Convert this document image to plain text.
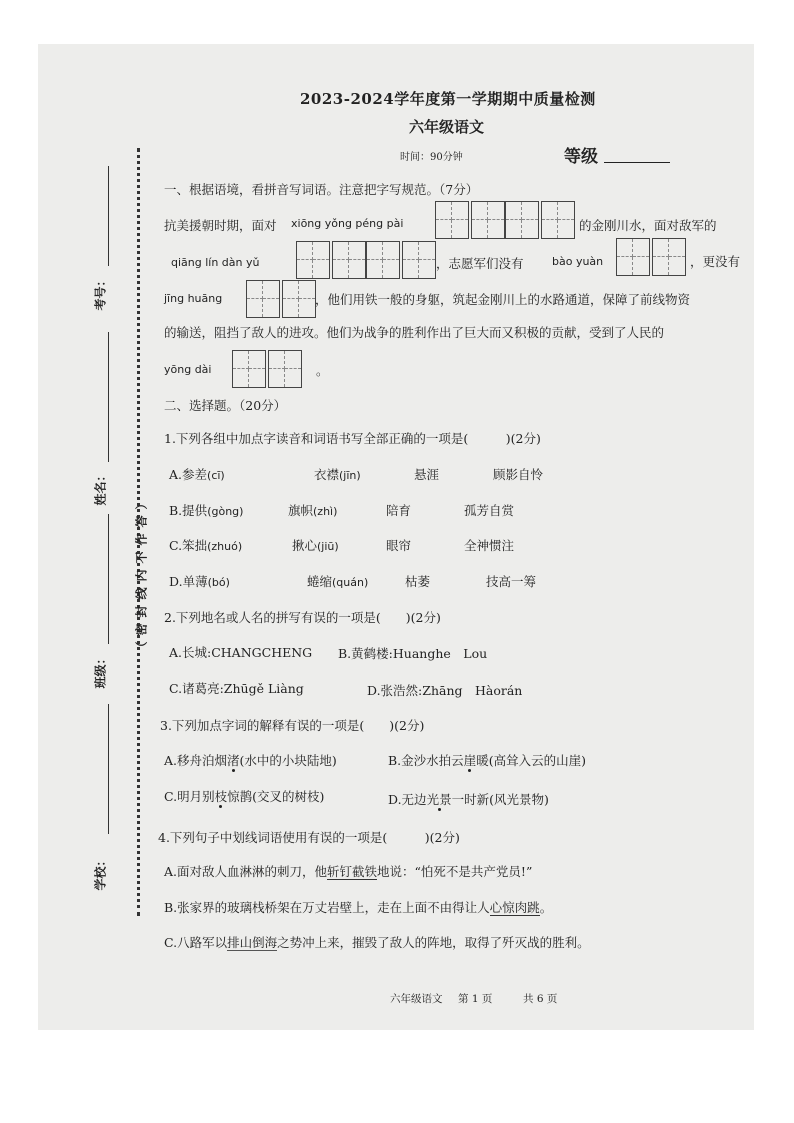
2023-2024学年度第一学期期中质量检测
六年级语文
时间：90分钟	等级
考号：
姓名：
班级：
学校：
（密封线内不作答）
一、根据语境，看拼音写词语。注意把字写规范。（7分）
抗美援朝时期，面对 xiōng yǒng péng pài	的金刚川水，面对敌军的
qiāng lín dàn yǔ	，志愿军们没有	bào yuàn	，更没有
jīng huāng	，他们用铁一般的身躯，筑起金刚川上的水路通道，保障了前线物资
的输送，阻挡了敌人的进攻。他们为战争的胜利作出了巨大而又积极的贡献，受到了人民的
yōng dài	。
二、选择题。（20分）
1.下列各组中加点字读音和词语书写全部正确的一项是(　　　)(2分)
A.参差(cī)	衣襟(jīn)	悬涯	顾影自怜
B.提供(gòng)	旗帜(zhì)	陪育	孤芳自赏
C.笨拙(zhuó)	揪心(jiū)	眼帘	全神惯注
D.单薄(bó)	蜷缩(quán)	枯萎	技高一筹
2.下列地名或人名的拼写有误的一项是(　　)(2分)
A.长城:CHANGCHENG B.黄鹤楼:Huanghe　Lou
C.诸葛亮:Zhūgě Liàng	D.张浩然:Zhāng　Hàorán
3.下列加点字词的解释有误的一项是(　　)(2分)
A.移舟泊烟渚(水中的小块陆地)	B.金沙水拍云崖暖(高耸入云的山崖)
C.明月别枝惊鹊(交叉的树枝)	D.无边光景一时新(风光景物)
4.下列句子中划线词语使用有误的一项是(　　　)(2分)
A.面对敌人血淋淋的刺刀，他斩钉截铁地说：“怕死不是共产党员!”
B.张家界的玻璃栈桥架在万丈岩壁上，走在上面不由得让人心惊肉跳。
C.八路军以排山倒海之势冲上来，摧毁了敌人的阵地，取得了歼灭战的胜利。
六年级语文 第 1 页	共 6 页
